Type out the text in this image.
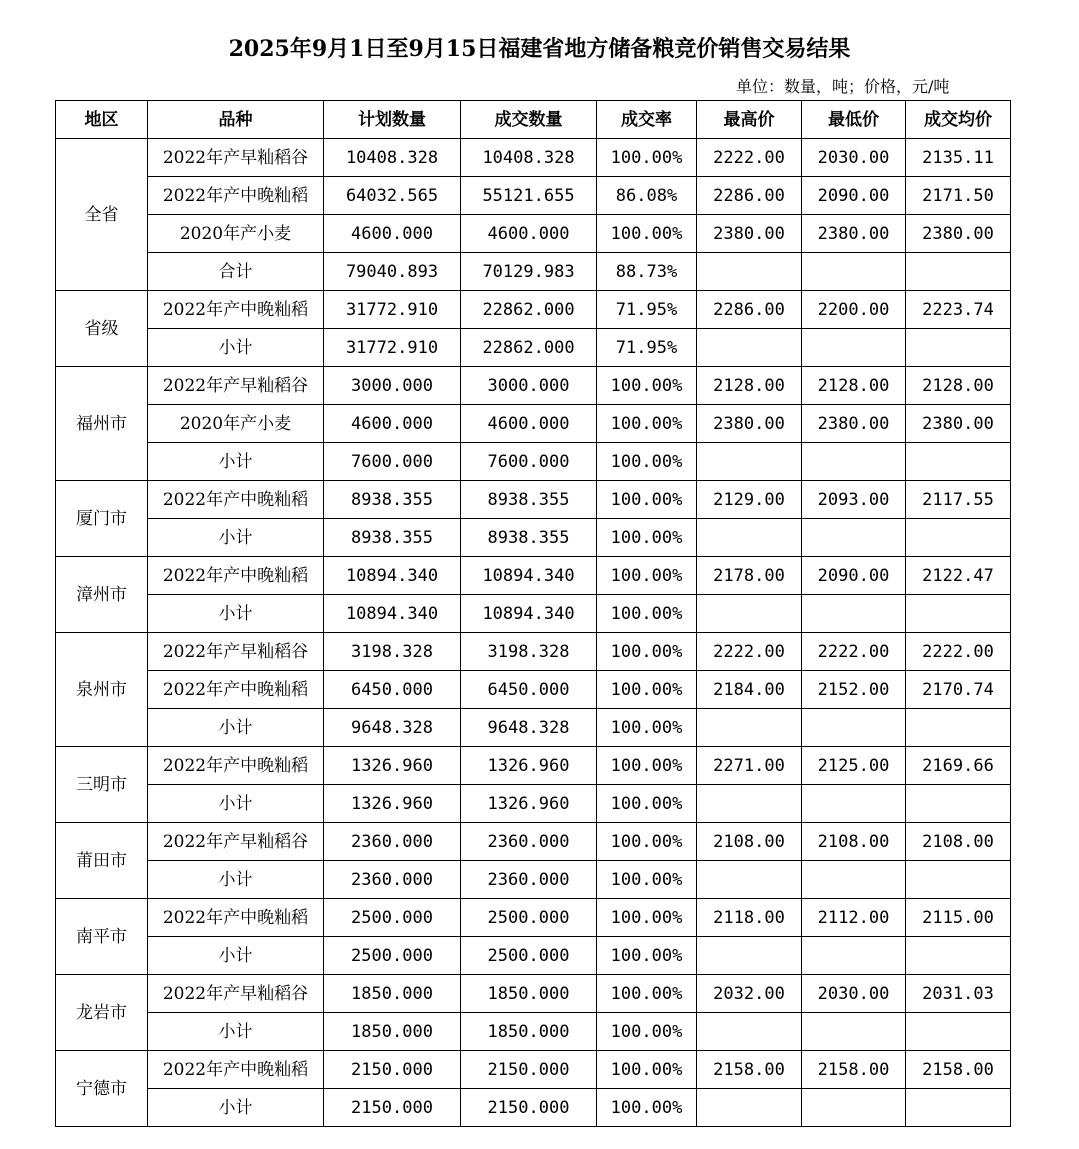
2025年9月1日至9月15日福建省地方储备粮竞价销售交易结果
单位：数量，吨；价格，元/吨
地区	品种	计划数量	成交数量	成交率	最高价	最低价	成交均价
全省	2022年产早籼稻谷	10408.328	10408.328	100.00%	2222.00	2030.00	2135.11
	2022年产中晚籼稻	64032.565	55121.655	86.08%	2286.00	2090.00	2171.50
	2020年产小麦	4600.000	4600.000	100.00%	2380.00	2380.00	2380.00
	合计	79040.893	70129.983	88.73%			
省级	2022年产中晚籼稻	31772.910	22862.000	71.95%	2286.00	2200.00	2223.74
	小计	31772.910	22862.000	71.95%			
福州市	2022年产早籼稻谷	3000.000	3000.000	100.00%	2128.00	2128.00	2128.00
	2020年产小麦	4600.000	4600.000	100.00%	2380.00	2380.00	2380.00
	小计	7600.000	7600.000	100.00%			
厦门市	2022年产中晚籼稻	8938.355	8938.355	100.00%	2129.00	2093.00	2117.55
	小计	8938.355	8938.355	100.00%			
漳州市	2022年产中晚籼稻	10894.340	10894.340	100.00%	2178.00	2090.00	2122.47
	小计	10894.340	10894.340	100.00%			
泉州市	2022年产早籼稻谷	3198.328	3198.328	100.00%	2222.00	2222.00	2222.00
	2022年产中晚籼稻	6450.000	6450.000	100.00%	2184.00	2152.00	2170.74
	小计	9648.328	9648.328	100.00%			
三明市	2022年产中晚籼稻	1326.960	1326.960	100.00%	2271.00	2125.00	2169.66
	小计	1326.960	1326.960	100.00%			
莆田市	2022年产早籼稻谷	2360.000	2360.000	100.00%	2108.00	2108.00	2108.00
	小计	2360.000	2360.000	100.00%			
南平市	2022年产中晚籼稻	2500.000	2500.000	100.00%	2118.00	2112.00	2115.00
	小计	2500.000	2500.000	100.00%			
龙岩市	2022年产早籼稻谷	1850.000	1850.000	100.00%	2032.00	2030.00	2031.03
	小计	1850.000	1850.000	100.00%			
宁德市	2022年产中晚籼稻	2150.000	2150.000	100.00%	2158.00	2158.00	2158.00
	小计	2150.000	2150.000	100.00%			
